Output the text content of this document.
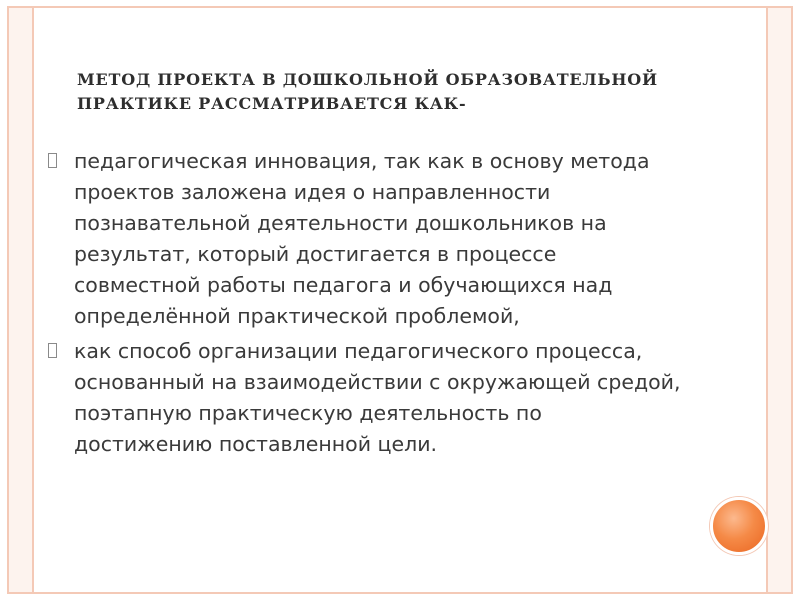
МЕТОД ПРОЕКТА В ДОШКОЛЬНОЙ ОБРАЗОВАТЕЛЬНОЙ ПРАКТИКЕ РАССМАТРИВАЕТСЯ КАК-
педагогическая инновация, так как в основу метода проектов заложена идея о направленности познавательной деятельности дошкольников на результат, который достигается в процессе совместной работы педагога и обучающихся над определённой практической проблемой,
как способ организации педагогического процесса, основанный на взаимодействии с окружающей средой, поэтапную практическую деятельность по достижению поставленной цели.
